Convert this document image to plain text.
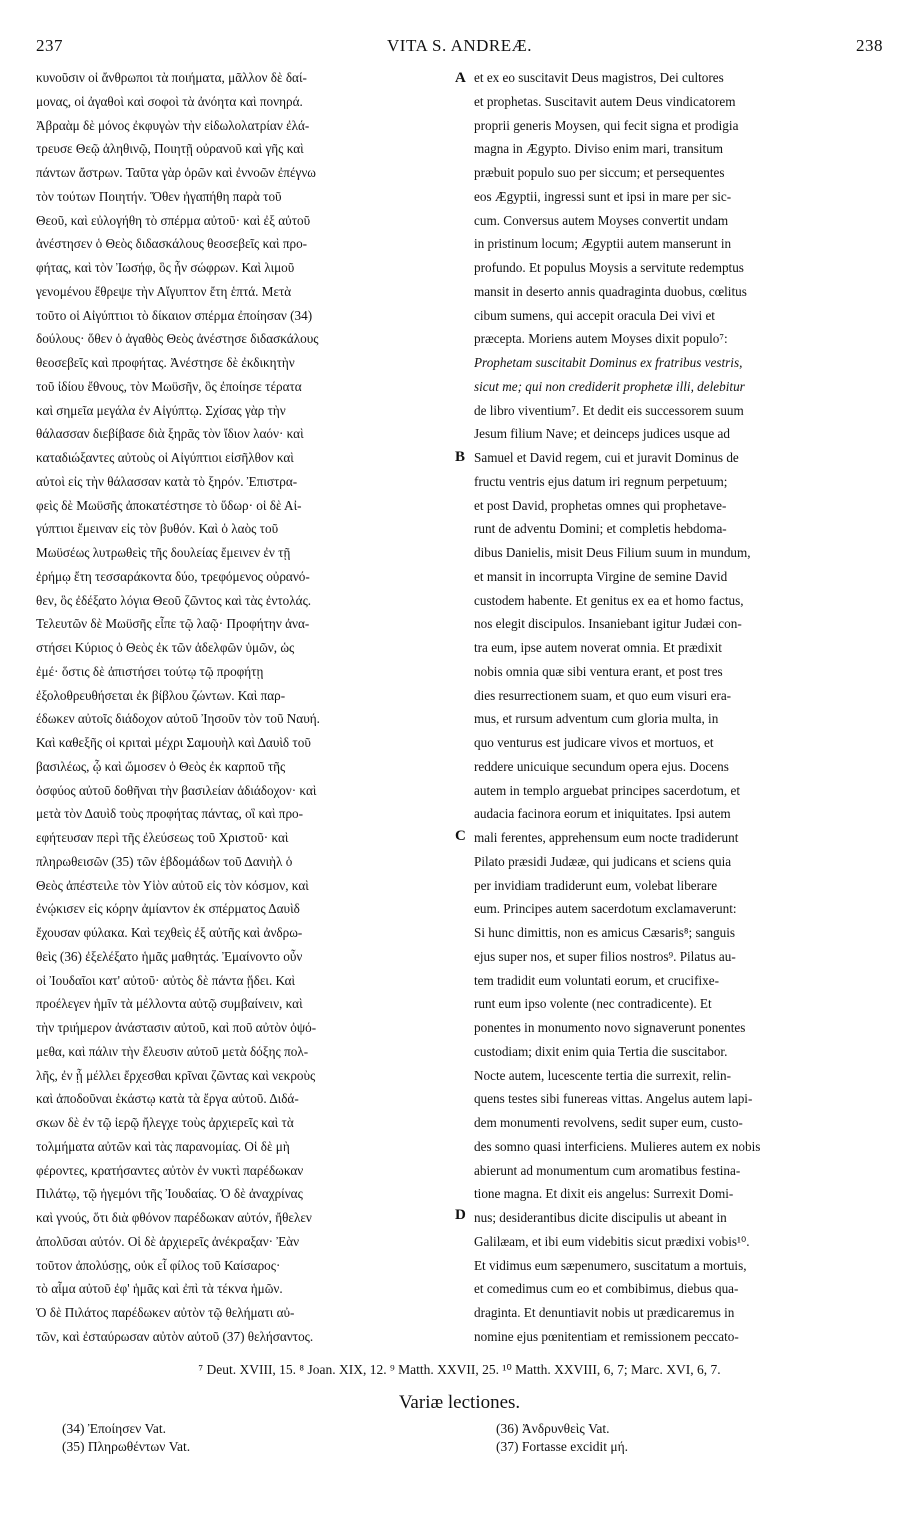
237	VITA S. ANDREÆ.	238
κυνοῦσιν οἱ ἄνθρωποι τὰ ποιήματα, μᾶλλον δὲ δαί-
μονας, οἱ ἀγαθοὶ καὶ σοφοὶ τὰ ἀνόητα καὶ πονηρά.
Ἀβραὰμ δὲ μόνος ἐκφυγὼν τὴν εἰδωλολατρίαν ἐλά-
τρευσε Θεῷ ἀληθινῷ, Ποιητῇ οὐρανοῦ καὶ γῆς καὶ
πάντων ἄστρων. Ταῦτα γὰρ ὁρῶν καὶ ἐννοῶν ἐπέγνω
τὸν τούτων Ποιητήν. Ὅθεν ἠγαπήθη παρὰ τοῦ
Θεοῦ, καὶ εὐλογήθη τὸ σπέρμα αὐτοῦ· καὶ ἐξ αὐτοῦ
ἀνέστησεν ὁ Θεὸς διδασκάλους θεοσεβεῖς καὶ προ-
φήτας, καὶ τὸν Ἰωσήφ, ὃς ἦν σώφρων. Καὶ λιμοῦ
γενομένου ἔθρεψε τὴν Αἴγυπτον ἔτη ἑπτά. Μετὰ
τοῦτο οἱ Αἰγύπτιοι τὸ δίκαιον σπέρμα ἐποίησαν (34)
δούλους· ὅθεν ὁ ἀγαθὸς Θεὸς ἀνέστησε διδασκάλους
θεοσεβεῖς καὶ προφήτας. Ἀνέστησε δὲ ἐκδικητὴν
τοῦ ἰδίου ἔθνους, τὸν Μωϋσῆν, ὃς ἐποίησε τέρατα
καὶ σημεῖα μεγάλα ἐν Αἰγύπτῳ. Σχίσας γὰρ τὴν
θάλασσαν διεβίβασε διὰ ξηρᾶς τὸν ἴδιον λαόν· καὶ
καταδιώξαντες αὐτοὺς οἱ Αἰγύπτιοι εἰσῆλθον καὶ
αὐτοὶ εἰς τὴν θάλασσαν κατὰ τὸ ξηρόν. Ἐπιστρα-
φεὶς δὲ Μωϋσῆς ἀποκατέστησε τὸ ὕδωρ· οἱ δὲ Αἰ-
γύπτιοι ἔμειναν εἰς τὸν βυθόν. Καὶ ὁ λαὸς τοῦ
Μωϋσέως λυτρωθεὶς τῆς δουλείας ἔμεινεν ἐν τῇ
ἐρήμῳ ἔτη τεσσαράκοντα δύο, τρεφόμενος οὐρανό-
θεν, ὃς ἐδέξατο λόγια Θεοῦ ζῶντος καὶ τὰς ἐντολάς.
Τελευτῶν δὲ Μωϋσῆς εἶπε τῷ λαῷ· Προφήτην ἀνα-
στήσει Κύριος ὁ Θεὸς ἐκ τῶν ἀδελφῶν ὑμῶν, ὡς
ἐμέ· ὅστις δὲ ἀπιστήσει τούτῳ τῷ προφήτῃ
ἐξολοθρευθήσεται ἐκ βίβλου ζώντων. Καὶ παρ-
έδωκεν αὐτοῖς διάδοχον αὐτοῦ Ἰησοῦν τὸν τοῦ Ναυή.
Καὶ καθεξῆς οἱ κριταὶ μέχρι Σαμουὴλ καὶ Δαυὶδ τοῦ
βασιλέως, ᾧ καὶ ὤμοσεν ὁ Θεὸς ἐκ καρποῦ τῆς
ὀσφύος αὐτοῦ δοθῆναι τὴν βασιλείαν ἀδιάδοχον· καὶ
μετὰ τὸν Δαυὶδ τοὺς προφήτας πάντας, οἳ καὶ προ-
εφήτευσαν περὶ τῆς ἐλεύσεως τοῦ Χριστοῦ· καὶ
πληρωθεισῶν (35) τῶν ἑβδομάδων τοῦ Δανιὴλ ὁ
Θεὸς ἀπέστειλε τὸν Υἱὸν αὐτοῦ εἰς τὸν κόσμον, καὶ
ἐνῴκισεν εἰς κόρην ἀμίαντον ἐκ σπέρματος Δαυὶδ
ἔχουσαν φύλακα. Καὶ τεχθεὶς ἐξ αὐτῆς καὶ ἀνδρω-
θεὶς (36) ἐξελέξατο ἡμᾶς μαθητάς. Ἐμαίνοντο οὖν
οἱ Ἰουδαῖοι κατ' αὐτοῦ· αὐτὸς δὲ πάντα ᾔδει. Καὶ
προέλεγεν ἡμῖν τὰ μέλλοντα αὐτῷ συμβαίνειν, καὶ
τὴν τριήμερον ἀνάστασιν αὐτοῦ, καὶ ποῦ αὐτὸν ὀψό-
μεθα, καὶ πάλιν τὴν ἔλευσιν αὐτοῦ μετὰ δόξης πολ-
λῆς, ἐν ᾗ μέλλει ἔρχεσθαι κρῖναι ζῶντας καὶ νεκροὺς
καὶ ἀποδοῦναι ἑκάστῳ κατὰ τὰ ἔργα αὐτοῦ. Διδά-
σκων δὲ ἐν τῷ ἱερῷ ἤλεγχε τοὺς ἀρχιερεῖς καὶ τὰ
τολμήματα αὐτῶν καὶ τὰς παρανομίας. Οἱ δὲ μὴ
φέροντες, κρατήσαντες αὐτὸν ἐν νυκτὶ παρέδωκαν
Πιλάτῳ, τῷ ἡγεμόνι τῆς Ἰουδαίας. Ὁ δὲ ἀναχρίνας
καὶ γνούς, ὅτι διὰ φθόνον παρέδωκαν αὐτόν, ἤθελεν
ἀπολῦσαι αὐτόν. Οἱ δὲ ἀρχιερεῖς ἀνέκραξαν· Ἐὰν
τοῦτον ἀπολύσῃς, οὐκ εἶ φίλος τοῦ Καίσαρος·
τὸ αἷμα αὐτοῦ ἐφ' ἡμᾶς καὶ ἐπὶ τὰ τέκνα ἡμῶν.
Ὁ δὲ Πιλάτος παρέδωκεν αὐτὸν τῷ θελήματι αὐ-
τῶν, καὶ ἐσταύρωσαν αὐτὸν αὐτοῦ (37) θελήσαντος.
et ex eo suscitavit Deus magistros, Dei cultores
et prophetas. Suscitavit autem Deus vindicatorem
proprii generis Moysen, qui fecit signa et prodigia
magna in Ægypto. Diviso enim mari, transitum
præbuit populo suo per siccum; et persequentes
eos Ægyptii, ingressi sunt et ipsi in mare per sic-
cum. Conversus autem Moyses convertit undam
in pristinum locum; Ægyptii autem manserunt in
profundo. Et populus Moysis a servitute redemptus
mansit in deserto annis quadraginta duobus, cœlitus
cibum sumens, qui accepit oracula Dei vivi et
præcepta. Moriens autem Moyses dixit populo⁷:
Prophetam suscitabit Dominus ex fratribus vestris,
sicut me; qui non crediderit prophetæ illi, delebitur
de libro viventium⁷. Et dedit eis successorem suum
Jesum filium Nave; et deinceps judices usque ad
Samuel et David regem, cui et juravit Dominus de
fructu ventris ejus datum iri regnum perpetuum;
et post David, prophetas omnes qui prophetave-
runt de adventu Domini; et completis hebdoma-
dibus Danielis, misit Deus Filium suum in mundum,
et mansit in incorrupta Virgine de semine David
custodem habente. Et genitus ex ea et homo factus,
nos elegit discipulos. Insaniebant igitur Judæi con-
tra eum, ipse autem noverat omnia. Et prædixit
nobis omnia quæ sibi ventura erant, et post tres
dies resurrectionem suam, et quo eum visuri era-
mus, et rursum adventum cum gloria multa, in
quo venturus est judicare vivos et mortuos, et
reddere unicuique secundum opera ejus. Docens
autem in templo arguebat principes sacerdotum, et
audacia facinora eorum et iniquitates. Ipsi autem
mali ferentes, apprehensum eum nocte tradiderunt
Pilato præsidi Judææ, qui judicans et sciens quia
per invidiam tradiderunt eum, volebat liberare
eum. Principes autem sacerdotum exclamaverunt:
Si hunc dimittis, non es amicus Cæsaris⁸; sanguis
ejus super nos, et super filios nostros⁹. Pilatus au-
tem tradidit eum voluntati eorum, et crucifixe-
runt eum ipso volente (nec contradicente). Et
ponentes in monumento novo signaverunt ponentes
custodiam; dixit enim quia Tertia die suscitabor.
Nocte autem, lucescente tertia die surrexit, relin-
quens testes sibi funereas vittas. Angelus autem lapi-
dem monumenti revolvens, sedit super eum, custo-
des somno quasi interficiens. Mulieres autem ex nobis
abierunt ad monumentum cum aromatibus festina-
tione magna. Et dixit eis angelus: Surrexit Domi-
nus; desiderantibus dicite discipulis ut abeant in
Galilæam, et ibi eum videbitis sicut prædixi vobis¹⁰.
Et vidimus eum sæpenumero, suscitatum a mortuis,
et comedimus cum eo et combibimus, diebus qua-
draginta. Et denuntiavit nobis ut prædicaremus in
nomine ejus pœnitentiam et remissionem peccato-
A
B
C
D
⁷ Deut. XVIII, 15. ⁸ Joan. XIX, 12. ⁹ Matth. XXVII, 25. ¹⁰ Matth. XXVIII, 6, 7; Marc. XVI, 6, 7.
Variæ lectiones.
(34) Ἐποίησεν Vat.
(35) Πληρωθέντων Vat.
(36) Ἀνδρυνθεὶς Vat.
(37) Fortasse excidit μή.
